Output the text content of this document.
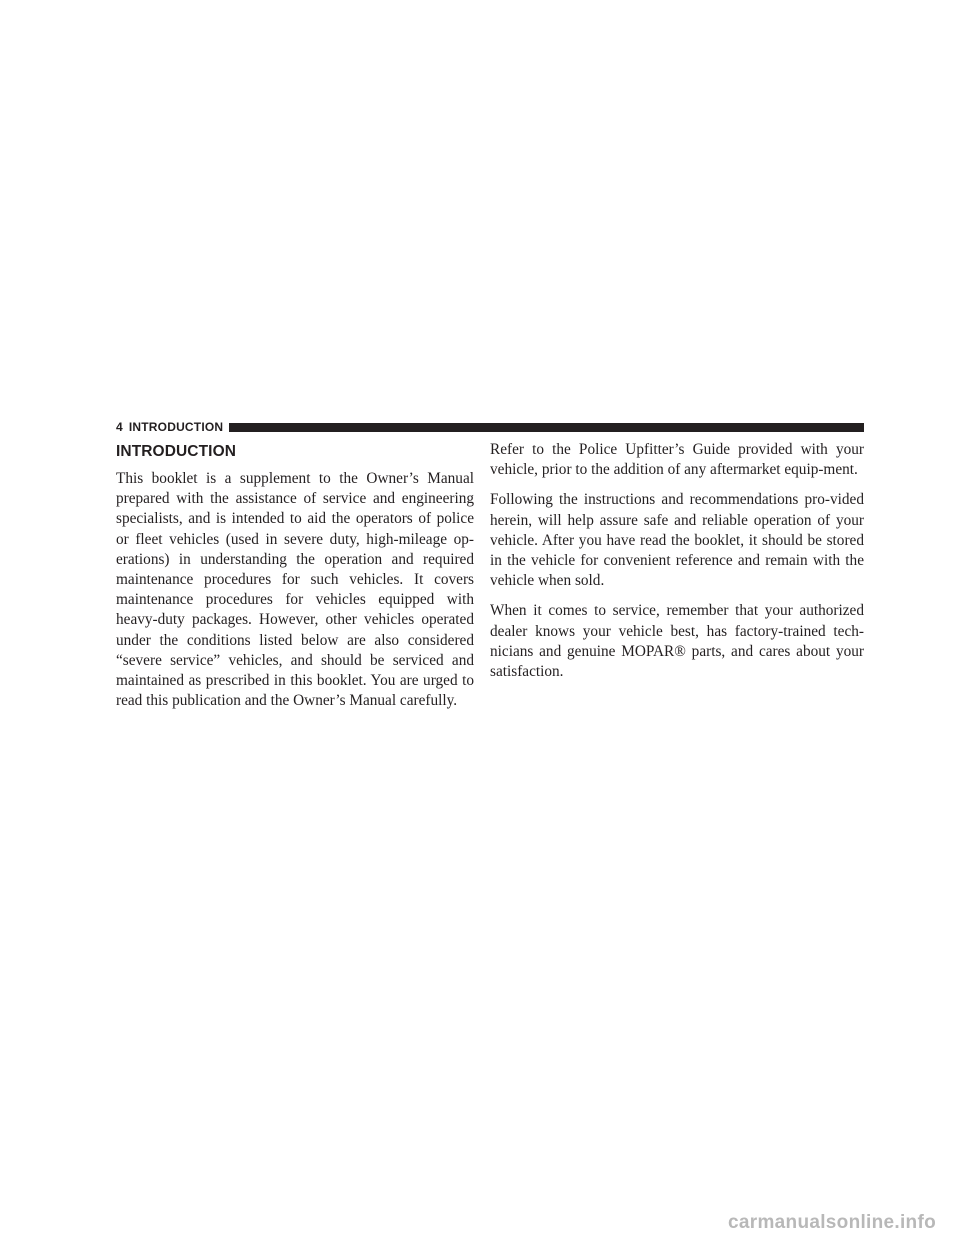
4 INTRODUCTION
INTRODUCTION

This booklet is a supplement to the Owner’s Manual prepared with the assistance of service and engineering specialists, and is intended to aid the operators of police or fleet vehicles (used in severe duty, high-mileage op-erations) in understanding the operation and required maintenance procedures for such vehicles. It covers maintenance procedures for vehicles equipped with heavy-duty packages. However, other vehicles operated under the conditions listed below are also considered “severe service” vehicles, and should be serviced and maintained as prescribed in this booklet. You are urged to read this publication and the Owner’s Manual carefully.

Refer to the Police Upfitter’s Guide provided with your vehicle, prior to the addition of any aftermarket equip-ment.

Following the instructions and recommendations pro-vided herein, will help assure safe and reliable operation of your vehicle. After you have read the booklet, it should be stored in the vehicle for convenient reference and remain with the vehicle when sold.

When it comes to service, remember that your authorized dealer knows your vehicle best, has factory-trained tech-nicians and genuine MOPAR® parts, and cares about your satisfaction.

carmanualsonline.info
